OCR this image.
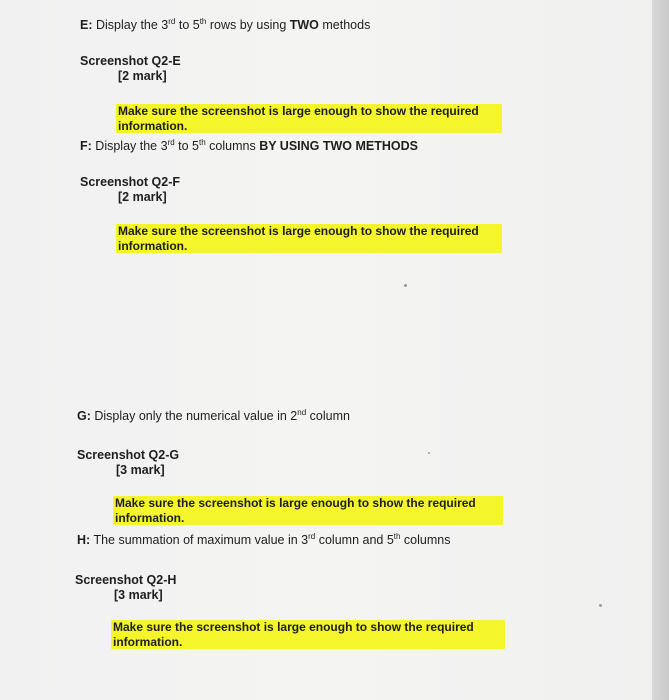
E: Display the 3rd to 5th rows by using TWO methods
Screenshot Q2-E
[2 mark]
Make sure the screenshot is large enough to show the required information.
F: Display the 3rd to 5th columns BY USING TWO METHODS
Screenshot Q2-F
[2 mark]
Make sure the screenshot is large enough to show the required information.
G: Display only the numerical value in 2nd column
Screenshot Q2-G
[3 mark]
Make sure the screenshot is large enough to show the required information.
H: The summation of maximum value in 3rd column and 5th columns
Screenshot Q2-H
[3 mark]
Make sure the screenshot is large enough to show the required information.
